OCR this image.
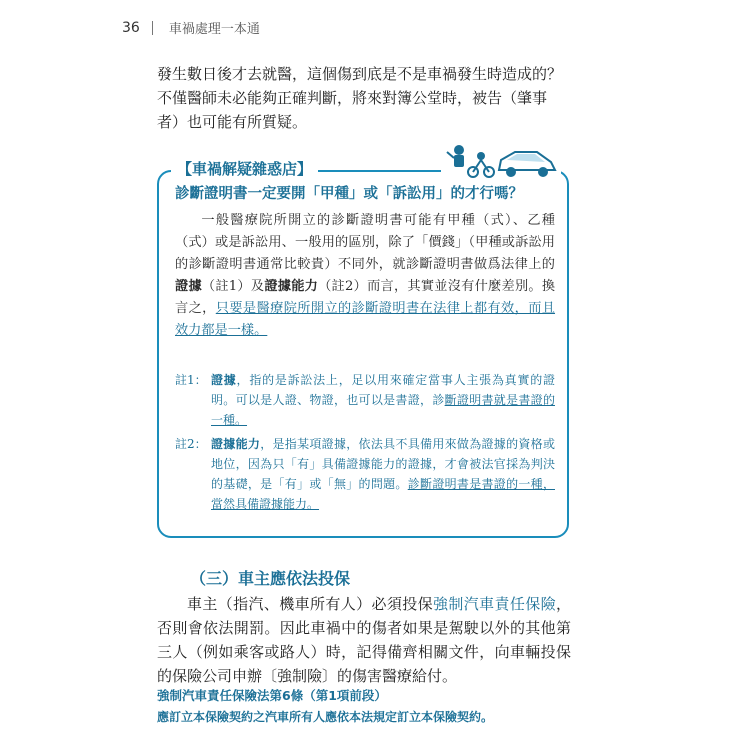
36 車禍處理一本通

發生數日後才去就醫，這個傷到底是不是車禍發生時造成的？

不僅醫師未必能夠正確判斷，將來對簿公堂時，被告（肇事

者）也可能有所質疑。

【車禍解疑雜惑店】
診斷證明書一定要開「甲種」或「訴訟用」的才行嗎？

一般醫療院所開立的診斷證明書可能有甲種（式）、乙種（式）或是訴訟用、一般用的區別，除了「價錢」（甲種或訴訟用的診斷證明書通常比較貴）不同外，就診斷證明書做爲法律上的證據（註1）及證據能力（註2）而言，其實並沒有什麼差別。換言之，只要是醫療院所開立的診斷證明書在法律上都有效，而且效力都是一樣。

註1： 證據，指的是訴訟法上，足以用來確定當事人主張為真實的證明。可以是人證、物證，也可以是書證，診斷證明書就是書證的一種。
註2： 證據能力，是指某項證據，依法具不具備用來做為證據的資格或地位，因為只「有」具備證據能力的證據，才會被法官採為判決的基礎，是「有」或「無」的問題。診斷證明書是書證的一種，當然具備證據能力。
（三）車主應依法投保

車主（指汽、機車所有人）必須投保強制汽車責任保險，否則會依法開罰。因此車禍中的傷者如果是駕駛以外的其他第三人（例如乘客或路人）時，記得備齊相關文件，向車輛投保的保險公司申辦〔強制險〕的傷害醫療給付。

強制汽車責任保險法第6條（第1項前段）
應訂立本保險契約之汽車所有人應依本法規定訂立本保險契約。
